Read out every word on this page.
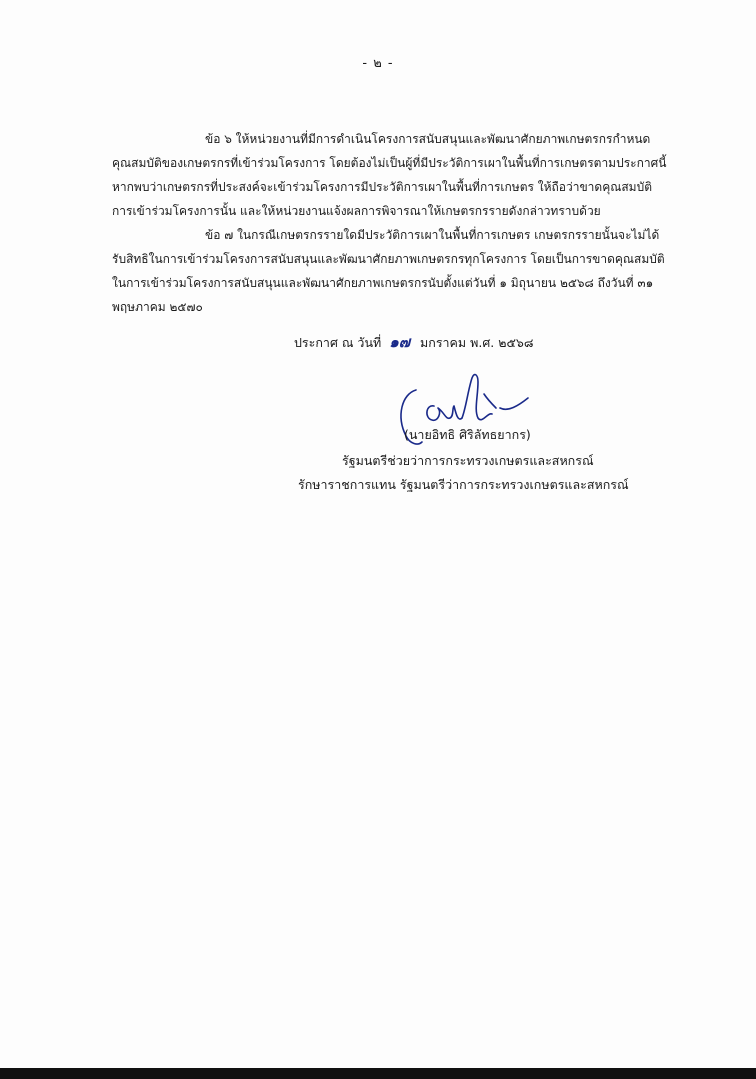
- ๒ -

ข้อ ๖ ให้หน่วยงานที่มีการดำเนินโครงการสนับสนุนและพัฒนาศักยภาพเกษตรกรกำหนด
คุณสมบัติของเกษตรกรที่เข้าร่วมโครงการ โดยต้องไม่เป็นผู้ที่มีประวัติการเผาในพื้นที่การเกษตรตามประกาศนี้
หากพบว่าเกษตรกรที่ประสงค์จะเข้าร่วมโครงการมีประวัติการเผาในพื้นที่การเกษตร ให้ถือว่าขาดคุณสมบัติ
การเข้าร่วมโครงการนั้น และให้หน่วยงานแจ้งผลการพิจารณาให้เกษตรกรรายดังกล่าวทราบด้วย

ข้อ ๗ ในกรณีเกษตรกรรายใดมีประวัติการเผาในพื้นที่การเกษตร เกษตรกรรายนั้นจะไม่ได้
รับสิทธิในการเข้าร่วมโครงการสนับสนุนและพัฒนาศักยภาพเกษตรกรทุกโครงการ โดยเป็นการขาดคุณสมบัติ
ในการเข้าร่วมโครงการสนับสนุนและพัฒนาศักยภาพเกษตรกรนับตั้งแต่วันที่ ๑ มิถุนายน ๒๕๖๘ ถึงวันที่ ๓๑
พฤษภาคม ๒๕๗๐

ประกาศ ณ วันที่ ๑๗ มกราคม พ.ศ. ๒๕๖๘
(นายอิทธิ ศิริลัทธยากร)
รัฐมนตรีช่วยว่าการกระทรวงเกษตรและสหกรณ์
รักษาราชการแทน รัฐมนตรีว่าการกระทรวงเกษตรและสหกรณ์
